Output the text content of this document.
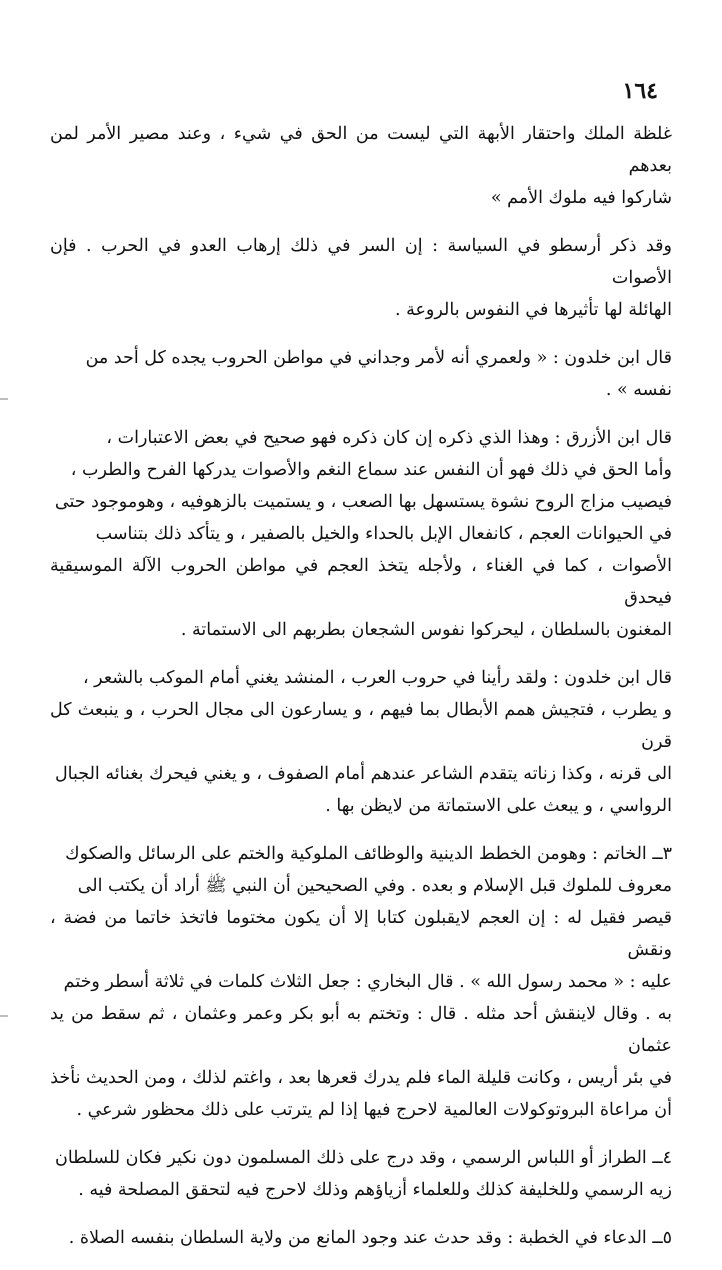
١٦٤

غلظة الملك واحتقار الأبهة التي ليست من الحق في شيء ، وعند مصير الأمر لمن بعدهم
شاركوا فيه ملوك الأمم »

وقد ذكر أرسطو في السياسة : إن السر في ذلك إرهاب العدو في الحرب . فإن الأصوات
الهائلة لها تأثيرها في النفوس بالروعة .

قال ابن خلدون : « ولعمري أنه لأمر وجداني في مواطن الحروب يجده كل أحد من
نفسه » .

قال ابن الأزرق : وهذا الذي ذكره إن كان ذكره فهو صحيح في بعض الاعتبارات ،
وأما الحق في ذلك فهو أن النفس عند سماع النغم والأصوات يدركها الفرح والطرب ،
فيصيب مزاج الروح نشوة يستسهل بها الصعب ، و يستميت بالزهوفيه ، وهوموجود حتى
في الحيوانات العجم ، كانفعال الإبل بالحداء والخيل بالصفير ، و يتأكد ذلك بتناسب
الأصوات ، كما في الغناء ، ولأجله يتخذ العجم في مواطن الحروب الآلة الموسيقية فيحدق
المغنون بالسلطان ، ليحركوا نفوس الشجعان بطربهم الى الاستماتة .

قال ابن خلدون : ولقد رأينا في حروب العرب ، المنشد يغني أمام الموكب بالشعر ،
و يطرب ، فتجيش همم الأبطال بما فيهم ، و يسارعون الى مجال الحرب ، و ينبعث كل قرن
الى قرنه ، وكذا زناته يتقدم الشاعر عندهم أمام الصفوف ، و يغني فيحرك بغنائه الجبال
الرواسي ، و يبعث على الاستماتة من لايظن بها .

٣ــ الخاتم : وهومن الخطط الدينية والوظائف الملوكية والختم على الرسائل والصكوك
معروف للملوك قبل الإسلام و بعده . وفي الصحيحين أن النبي ﷺ أراد أن يكتب الى
قيصر فقيل له : إن العجم لايقبلون كتابا إلا أن يكون مختوما فاتخذ خاتما من فضة ، ونقش
عليه : « محمد رسول الله » . قال البخاري : جعل الثلاث كلمات في ثلاثة أسطر وختم
به . وقال لاينقش أحد مثله . قال : وتختم به أبو بكر وعمر وعثمان ، ثم سقط من يد عثمان
في بئر أريس ، وكانت قليلة الماء فلم يدرك قعرها بعد ، واغتم لذلك ، ومن الحديث نأخذ
أن مراعاة البروتوكولات العالمية لاحرج فيها إذا لم يترتب على ذلك محظور شرعي .

٤ــ الطراز أو اللباس الرسمي ، وقد درج على ذلك المسلمون دون نكير فكان للسلطان
زيه الرسمي وللخليفة كذلك وللعلماء أزياؤهم وذلك لاحرج فيه لتحقق المصلحة فيه .

٥ــ الدعاء في الخطبة : وقد حدث عند وجود المانع من ولاية السلطان بنفسه الصلاة .
